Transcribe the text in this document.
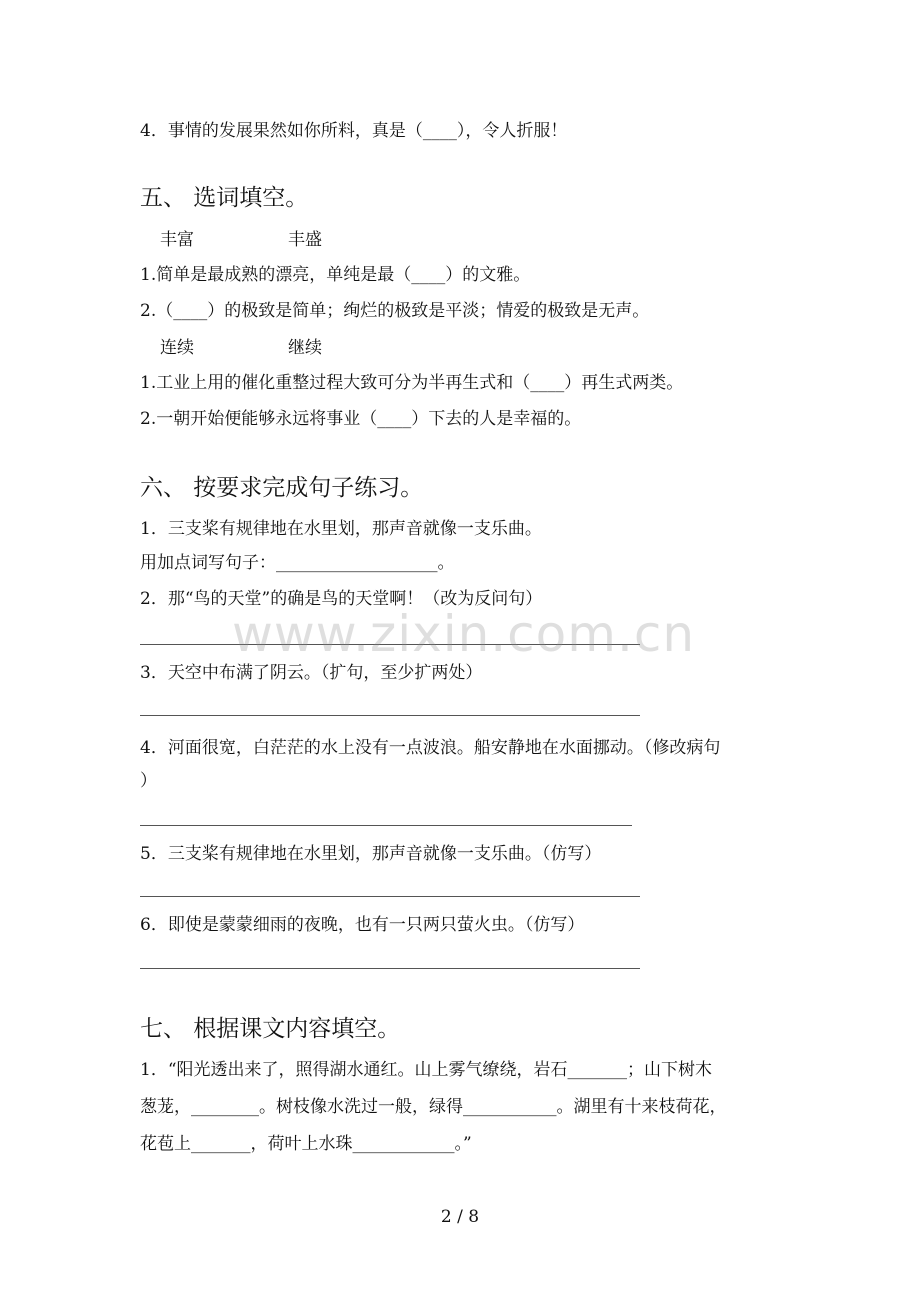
4．事情的发展果然如你所料，真是（____），令人折服！
五、 选词填空。
丰富	丰盛
1.简单是最成熟的漂亮，单纯是最（____）的文雅。
2.（____）的极致是简单；绚烂的极致是平淡；情爱的极致是无声。
连续	继续
1.工业上用的催化重整过程大致可分为半再生式和（____）再生式两类。
2.一朝开始便能够永远将事业（____）下去的人是幸福的。
六、 按要求完成句子练习。
1．三支桨有规律地在水里划，那声音就像一支乐曲。
用加点词写句子：___________________。
2．那“鸟的天堂”的确是鸟的天堂啊！（改为反问句）
3．天空中布满了阴云。（扩句，至少扩两处）
4．河面很宽，白茫茫的水上没有一点波浪。船安静地在水面挪动。（修改病句
）
5．三支桨有规律地在水里划，那声音就像一支乐曲。（仿写）
6．即使是蒙蒙细雨的夜晚，也有一只两只萤火虫。（仿写）
七、 根据课文内容填空。
1．“阳光透出来了，照得湖水通红。山上雾气缭绕，岩石_______；山下树木
葱茏，________。树枝像水洗过一般，绿得___________。湖里有十来枝荷花，
花苞上_______，荷叶上水珠____________。”
www.zixin.com.cn
2 / 8
